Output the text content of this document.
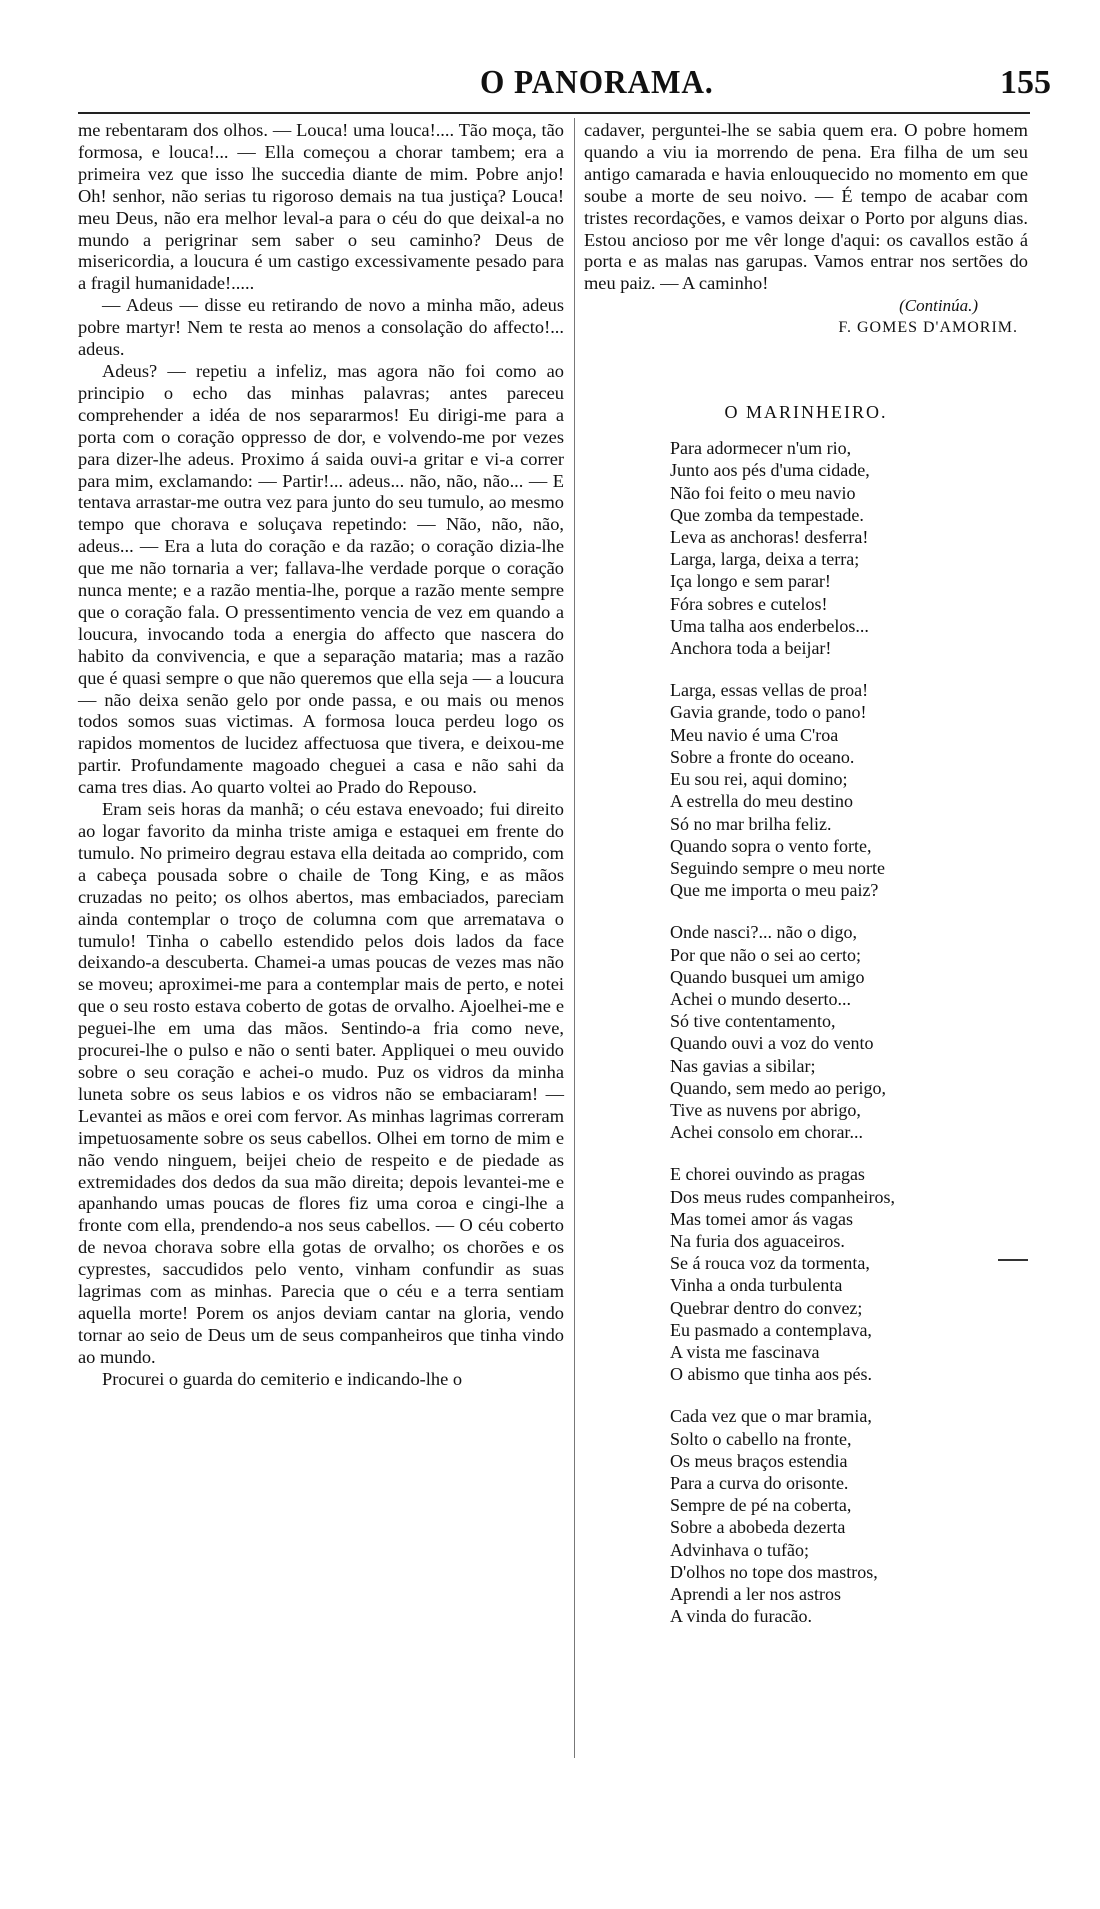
O PANORAMA.	155

me rebentaram dos olhos. — Louca! uma louca!.... Tão moça, tão formosa, e louca!... — Ella começou a chorar tambem; era a primeira vez que isso lhe succedia diante de mim. Pobre anjo! Oh! senhor, não serias tu rigoroso demais na tua justiça? Louca! meu Deus, não era melhor leval-a para o céu do que deixal-a no mundo a perigrinar sem saber o seu caminho? Deus de misericordia, a loucura é um castigo excessivamente pesado para a fragil humanidade!.....

— Adeus — disse eu retirando de novo a minha mão, adeus pobre martyr! Nem te resta ao menos a consolação do affecto!... adeus.

Adeus? — repetiu a infeliz, mas agora não foi como ao principio o echo das minhas palavras; antes pareceu comprehender a idéa de nos separarmos! Eu dirigi-me para a porta com o coração oppresso de dor, e volvendo-me por vezes para dizer-lhe adeus. Proximo á saida ouvi-a gritar e vi-a correr para mim, exclamando: — Partir!... adeus... não, não, não... — E tentava arrastar-me outra vez para junto do seu tumulo, ao mesmo tempo que chorava e soluçava repetindo: — Não, não, não, adeus... — Era a luta do coração e da razão; o coração dizia-lhe que me não tornaria a ver; fallava-lhe verdade porque o coração nunca mente; e a razão mentia-lhe, porque a razão mente sempre que o coração fala. O pressentimento vencia de vez em quando a loucura, invocando toda a energia do affecto que nascera do habito da convivencia, e que a separação mataria; mas a razão que é quasi sempre o que não queremos que ella seja — a loucura — não deixa senão gelo por onde passa, e ou mais ou menos todos somos suas victimas. A formosa louca perdeu logo os rapidos momentos de lucidez affectuosa que tivera, e deixou-me partir. Profundamente magoado cheguei a casa e não sahi da cama tres dias. Ao quarto voltei ao Prado do Repouso.

Eram seis horas da manhã; o céu estava enevoado; fui direito ao logar favorito da minha triste amiga e estaquei em frente do tumulo. No primeiro degrau estava ella deitada ao comprido, com a cabeça pousada sobre o chaile de Tong King, e as mãos cruzadas no peito; os olhos abertos, mas embaciados, pareciam ainda contemplar o troço de columna com que arrematava o tumulo! Tinha o cabello estendido pelos dois lados da face deixando-a descuberta. Chamei-a umas poucas de vezes mas não se moveu; aproximei-me para a contemplar mais de perto, e notei que o seu rosto estava coberto de gotas de orvalho. Ajoelhei-me e peguei-lhe em uma das mãos. Sentindo-a fria como neve, procurei-lhe o pulso e não o senti bater. Appliquei o meu ouvido sobre o seu coração e achei-o mudo. Puz os vidros da minha luneta sobre os seus labios e os vidros não se embaciaram! — Levantei as mãos e orei com fervor. As minhas lagrimas correram impetuosamente sobre os seus cabellos. Olhei em torno de mim e não vendo ninguem, beijei cheio de respeito e de piedade as extremidades dos dedos da sua mão direita; depois levantei-me e apanhando umas poucas de flores fiz uma coroa e cingi-lhe a fronte com ella, prendendo-a nos seus cabellos. — O céu coberto de nevoa chorava sobre ella gotas de orvalho; os chorões e os cyprestes, saccudidos pelo vento, vinham confundir as suas lagrimas com as minhas. Parecia que o céu e a terra sentiam aquella morte! Porem os anjos deviam cantar na gloria, vendo tornar ao seio de Deus um de seus companheiros que tinha vindo ao mundo.

Procurei o guarda do cemiterio e indicando-lhe o

cadaver, perguntei-lhe se sabia quem era. O pobre homem quando a viu ia morrendo de pena. Era filha de um seu antigo camarada e havia enlouquecido no momento em que soube a morte de seu noivo. — É tempo de acabar com tristes recordações, e vamos deixar o Porto por alguns dias. Estou ancioso por me vêr longe d'aqui: os cavallos estão á porta e as malas nas garupas. Vamos entrar nos sertões do meu paiz. — A caminho!

(Continúa.)
F. GOMES D'AMORIM.
O MARINHEIRO.
Para adormecer n'um rio,
Junto aos pés d'uma cidade,
Não foi feito o meu navio
Que zomba da tempestade.
Leva as anchoras! desferra!
Larga, larga, deixa a terra;
Iça longo e sem parar!
Fóra sobres e cutelos!
Uma talha aos enderbelos...
Anchora toda a beijar!
Larga, essas vellas de proa!
Gavia grande, todo o pano!
Meu navio é uma C'roa
Sobre a fronte do oceano.
Eu sou rei, aqui domino;
A estrella do meu destino
Só no mar brilha feliz.
Quando sopra o vento forte,
Seguindo sempre o meu norte
Que me importa o meu paiz?
Onde nasci?... não o digo,
Por que não o sei ao certo;
Quando busquei um amigo
Achei o mundo deserto...
Só tive contentamento,
Quando ouvi a voz do vento
Nas gavias a sibilar;
Quando, sem medo ao perigo,
Tive as nuvens por abrigo,
Achei consolo em chorar...
E chorei ouvindo as pragas
Dos meus rudes companheiros,
Mas tomei amor ás vagas
Na furia dos aguaceiros.
Se á rouca voz da tormenta,
Vinha a onda turbulenta
Quebrar dentro do convez;
Eu pasmado a contemplava,
A vista me fascinava
O abismo que tinha aos pés.
Cada vez que o mar bramia,
Solto o cabello na fronte,
Os meus braços estendia
Para a curva do orisonte.
Sempre de pé na coberta,
Sobre a abobeda dezerta
Advinhava o tufão;
D'olhos no tope dos mastros,
Aprendi a ler nos astros
A vinda do furacão.
